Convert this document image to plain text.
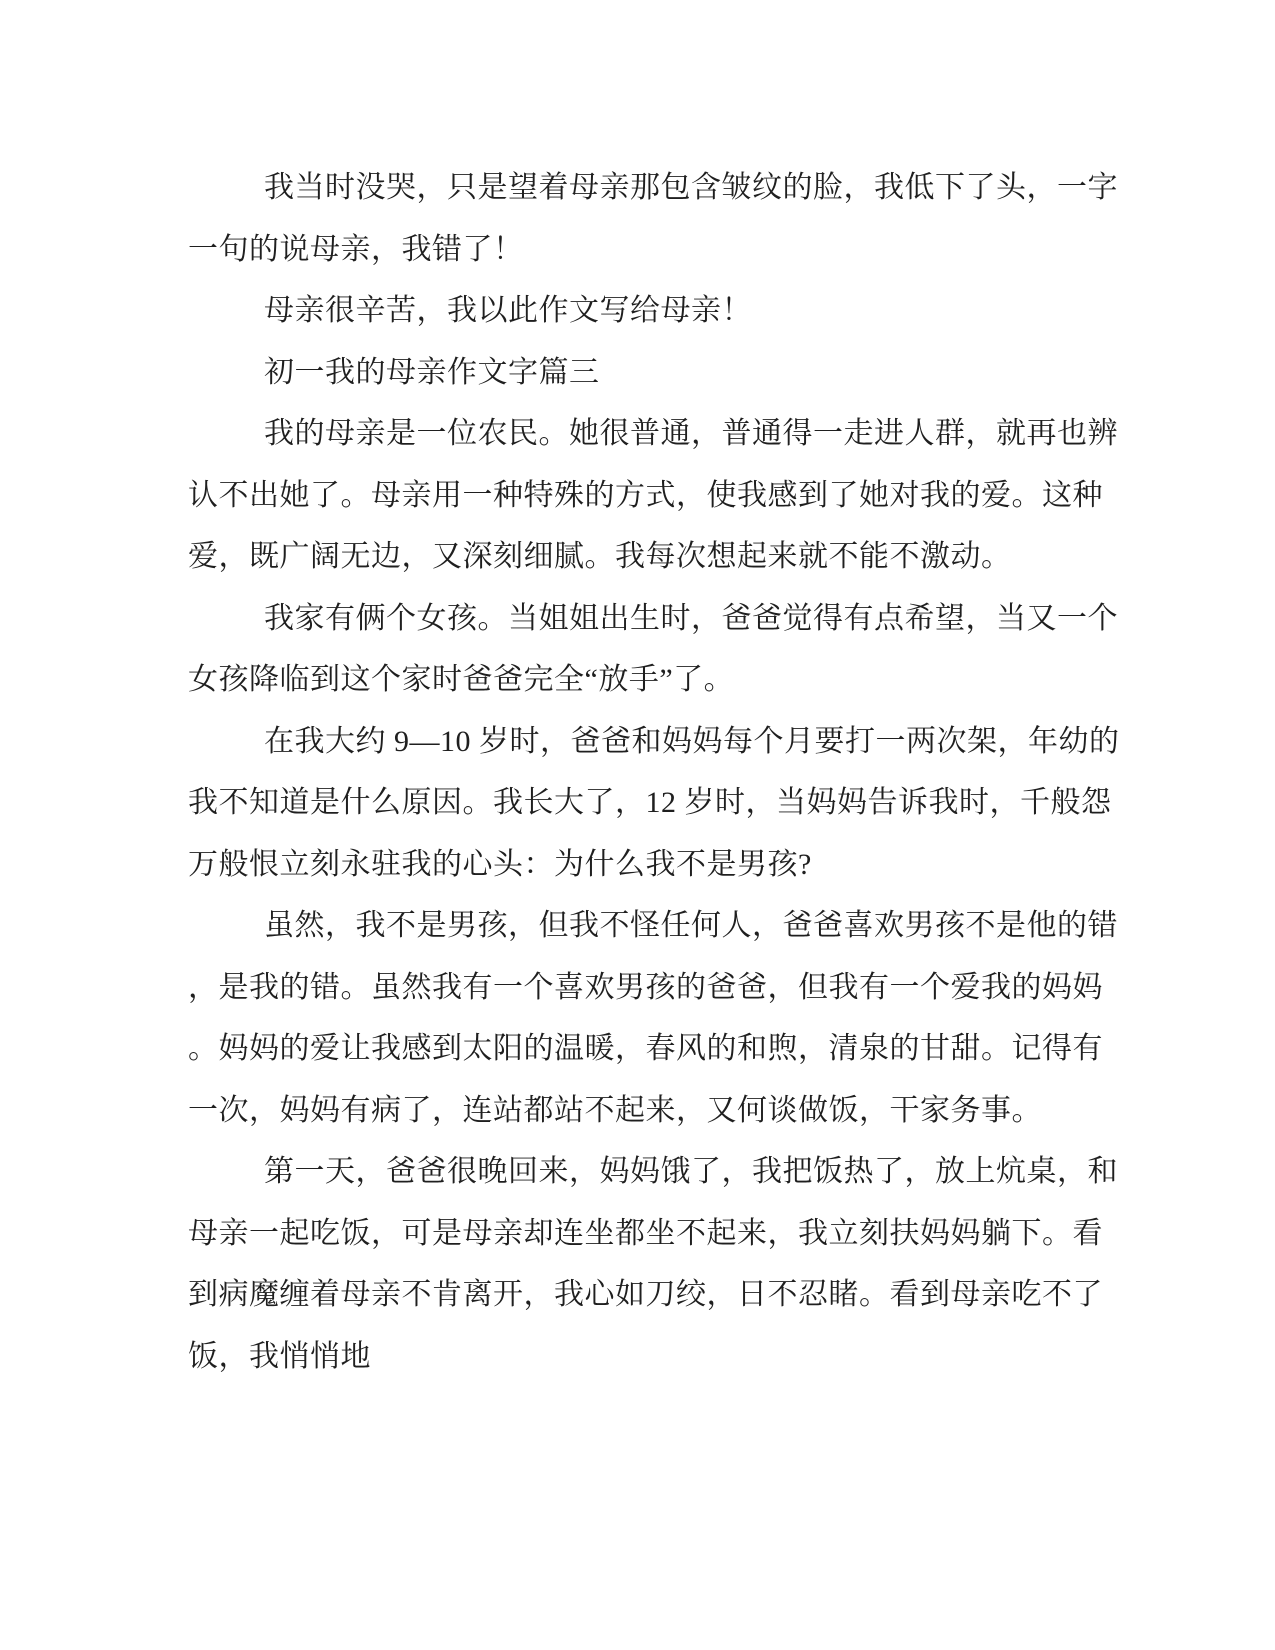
我当时没哭，只是望着母亲那包含皱纹的脸，我低下了头，一字
一句的说母亲，我错了！
母亲很辛苦，我以此作文写给母亲！
初一我的母亲作文字篇三
我的母亲是一位农民。她很普通，普通得一走进人群，就再也辨
认不出她了。母亲用一种特殊的方式，使我感到了她对我的爱。这种
爱，既广阔无边，又深刻细腻。我每次想起来就不能不激动。
我家有俩个女孩。当姐姐出生时，爸爸觉得有点希望，当又一个
女孩降临到这个家时爸爸完全“放手”了。
在我大约 9—10 岁时，爸爸和妈妈每个月要打一两次架，年幼的
我不知道是什么原因。我长大了，12 岁时，当妈妈告诉我时，千般怨
万般恨立刻永驻我的心头：为什么我不是男孩?
虽然，我不是男孩，但我不怪任何人，爸爸喜欢男孩不是他的错
，是我的错。虽然我有一个喜欢男孩的爸爸，但我有一个爱我的妈妈
。妈妈的爱让我感到太阳的温暖，春风的和煦，清泉的甘甜。记得有
一次，妈妈有病了，连站都站不起来，又何谈做饭，干家务事。
第一天，爸爸很晚回来，妈妈饿了，我把饭热了，放上炕桌，和
母亲一起吃饭，可是母亲却连坐都坐不起来，我立刻扶妈妈躺下。看
到病魔缠着母亲不肯离开，我心如刀绞，日不忍睹。看到母亲吃不了
饭，我悄悄地
